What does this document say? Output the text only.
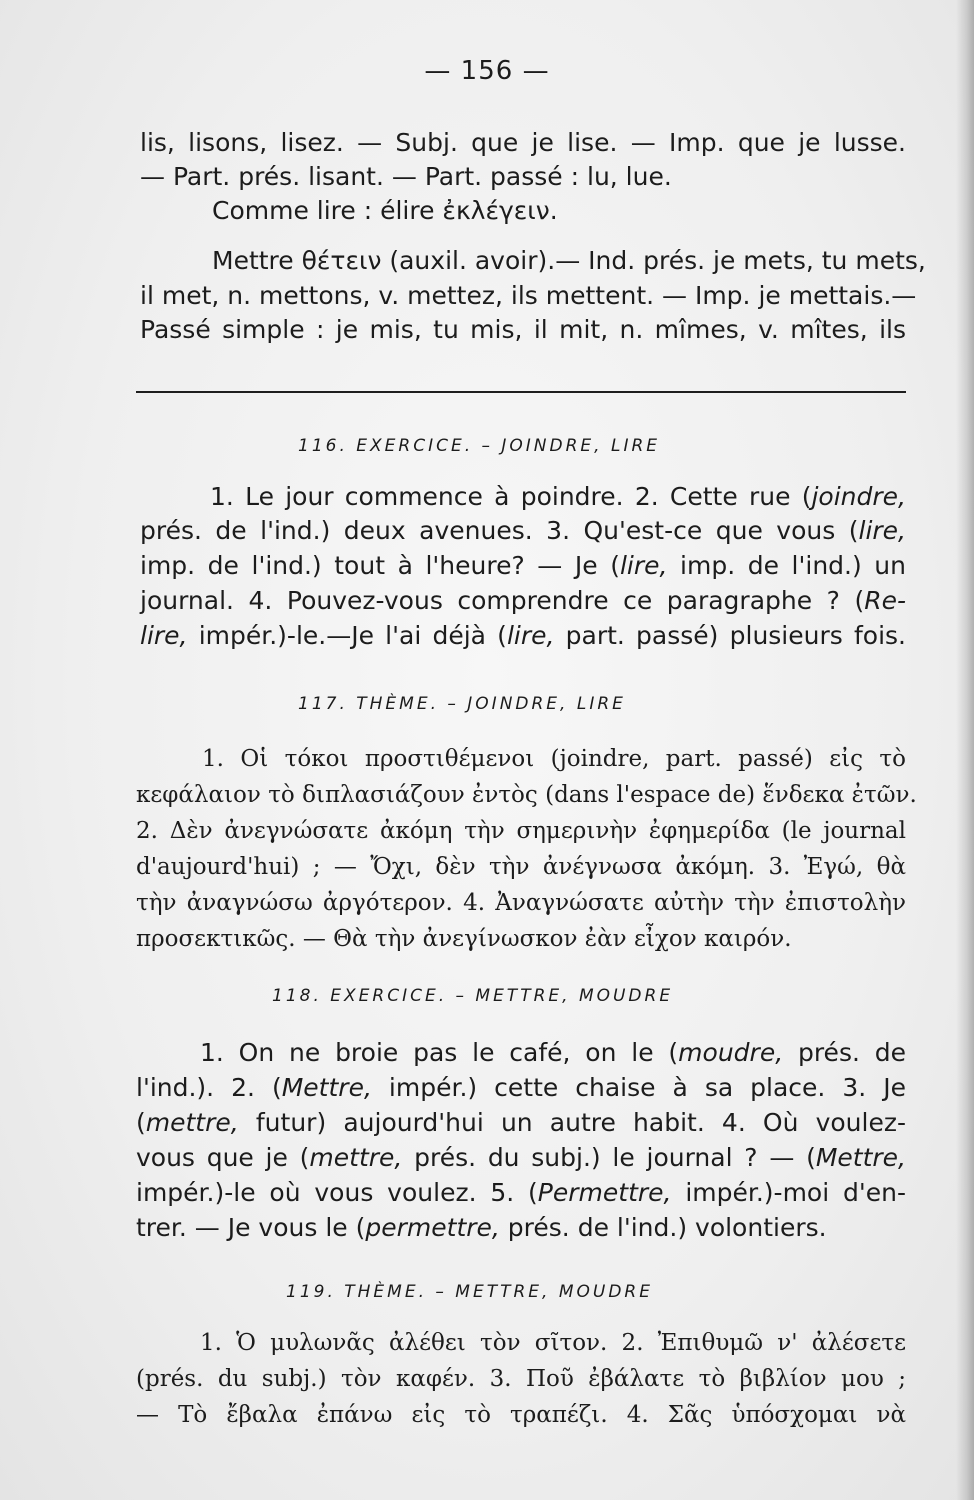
— 156 —
lis, lisons, lisez. — Subj. que je lise. — Imp. que je lusse.
— Part. prés. lisant. — Part. passé : lu, lue.
Comme lire : élire ἐκλέγειν.
Mettre θέτειν (auxil. avoir).— Ind. prés. je mets, tu mets,
il met, n. mettons, v. mettez, ils mettent. — Imp. je mettais.—
Passé simple : je mis, tu mis, il mit, n. mîmes, v. mîtes, ils
116. EXERCICE. – JOINDRE, LIRE
1. Le jour commence à poindre. 2. Cette rue (joindre,
prés. de l'ind.) deux avenues. 3. Qu'est-ce que vous (lire,
imp. de l'ind.) tout à l'heure? — Je (lire, imp. de l'ind.) un
journal. 4. Pouvez-vous comprendre ce paragraphe ? (Re-
lire, impér.)-le.—Je l'ai déjà (lire, part. passé) plusieurs fois.
117. THÈME. – JOINDRE, LIRE
1. Οἱ τόκοι προστιθέμενοι (joindre, part. passé) εἰς τὸ
κεφάλαιον τὸ διπλασιάζουν ἐντὸς (dans l'espace de) ἕνδεκα ἐτῶν.
2. Δὲν ἀνεγνώσατε ἀκόμη τὴν σημερινὴν ἐφημερίδα (le journal
d'aujourd'hui) ; — Ὄχι, δὲν τὴν ἀνέγνωσα ἀκόμη. 3. Ἐγώ, θὰ
τὴν ἀναγνώσω ἀργότερον. 4. Ἀναγνώσατε αὐτὴν τὴν ἐπιστολὴν
προσεκτικῶς. — Θὰ τὴν ἀνεγίνωσκον ἐὰν εἶχον καιρόν.
118. EXERCICE. – METTRE, MOUDRE
1. On ne broie pas le café, on le (moudre, prés. de
l'ind.). 2. (Mettre, impér.) cette chaise à sa place. 3. Je
(mettre, futur) aujourd'hui un autre habit. 4. Où voulez-
vous que je (mettre, prés. du subj.) le journal ? — (Mettre,
impér.)-le où vous voulez. 5. (Permettre, impér.)-moi d'en-
trer. — Je vous le (permettre, prés. de l'ind.) volontiers.
119. THÈME. – METTRE, MOUDRE
1. Ὁ μυλωνᾶς ἀλέθει τὸν σῖτον. 2. Ἐπιθυμῶ ν' ἀλέσετε
(prés. du subj.) τὸν καφέν. 3. Ποῦ ἐβάλατε τὸ βιβλίον μου ;
— Τὸ ἔβαλα ἐπάνω εἰς τὸ τραπέζι. 4. Σᾶς ὑπόσχομαι νὰ
